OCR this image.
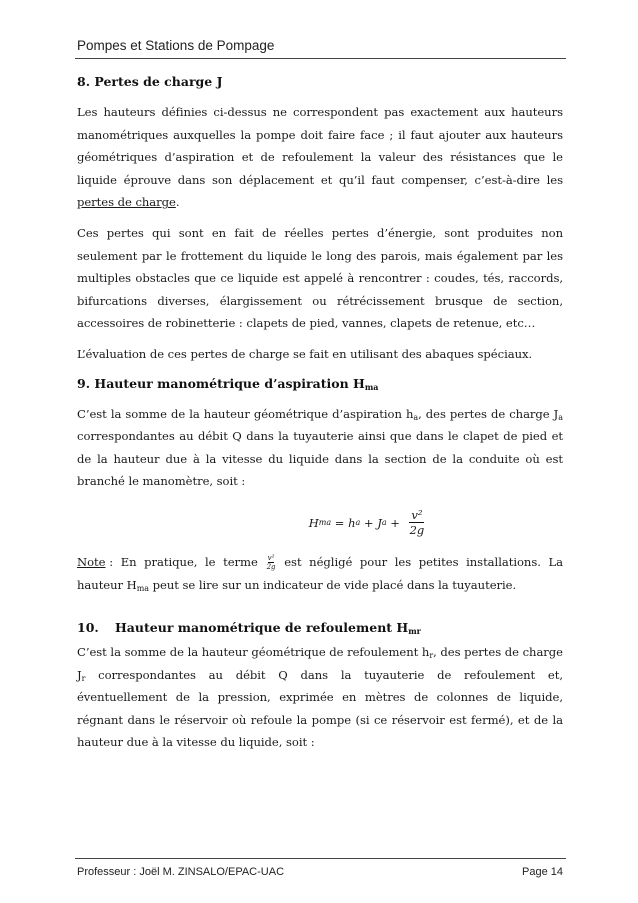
Pompes et Stations de Pompage
8. Pertes de charge J

Les hauteurs définies ci-dessus ne correspondent pas exactement aux hauteurs manométriques auxquelles la pompe doit faire face ; il faut ajouter aux hauteurs géométriques d’aspiration et de refoulement la valeur des résistances que le liquide éprouve dans son déplacement et qu’il faut compenser, c’est-à-dire les pertes de charge.

Ces pertes qui sont en fait de réelles pertes d’énergie, sont produites non seulement par le frottement du liquide le long des parois, mais également par les multiples obstacles que ce liquide est appelé à rencontrer : coudes, tés, raccords, bifurcations diverses, élargissement ou rétrécissement brusque de section, accessoires de robinetterie : clapets de pied, vannes, clapets de retenue, etc…

L’évaluation de ces pertes de charge se fait en utilisant des abaques spéciaux.

9. Hauteur manométrique d’aspiration $H_{ma}$

C’est la somme de la hauteur géométrique d’aspiration $h_a$, des pertes de charge $J_a$ correspondantes au débit Q dans la tuyauterie ainsi que dans le clapet de pied et de la hauteur due à la vitesse du liquide dans la section de la conduite où est branché le manomètre, soit :

H ma = h a + J $a + \frac{\text{v²}}{2g}$

Note :  En  pratique,  le  terme $\frac{\text{v²}}{2g}$ est  négligé  pour  les  petites  installations.  La hauteur $H_{ma}$ peut se lire sur un indicateur de vide placé dans la tuyauterie.

10. Hauteur manométrique de refoulement $H_{mr}$

C’est la somme de la hauteur géométrique de refoulement $h_r$, des pertes de charge $J_r$ correspondantes au débit Q dans la tuyauterie de refoulement et, éventuellement de la pression, exprimée en mètres de colonnes de liquide, régnant dans le réservoir où refoule la pompe (si ce réservoir est fermé), et de la hauteur due à la vitesse du liquide, soit :

Professeur : Joël M. ZINSALO/EPAC-UAC	Page 14
